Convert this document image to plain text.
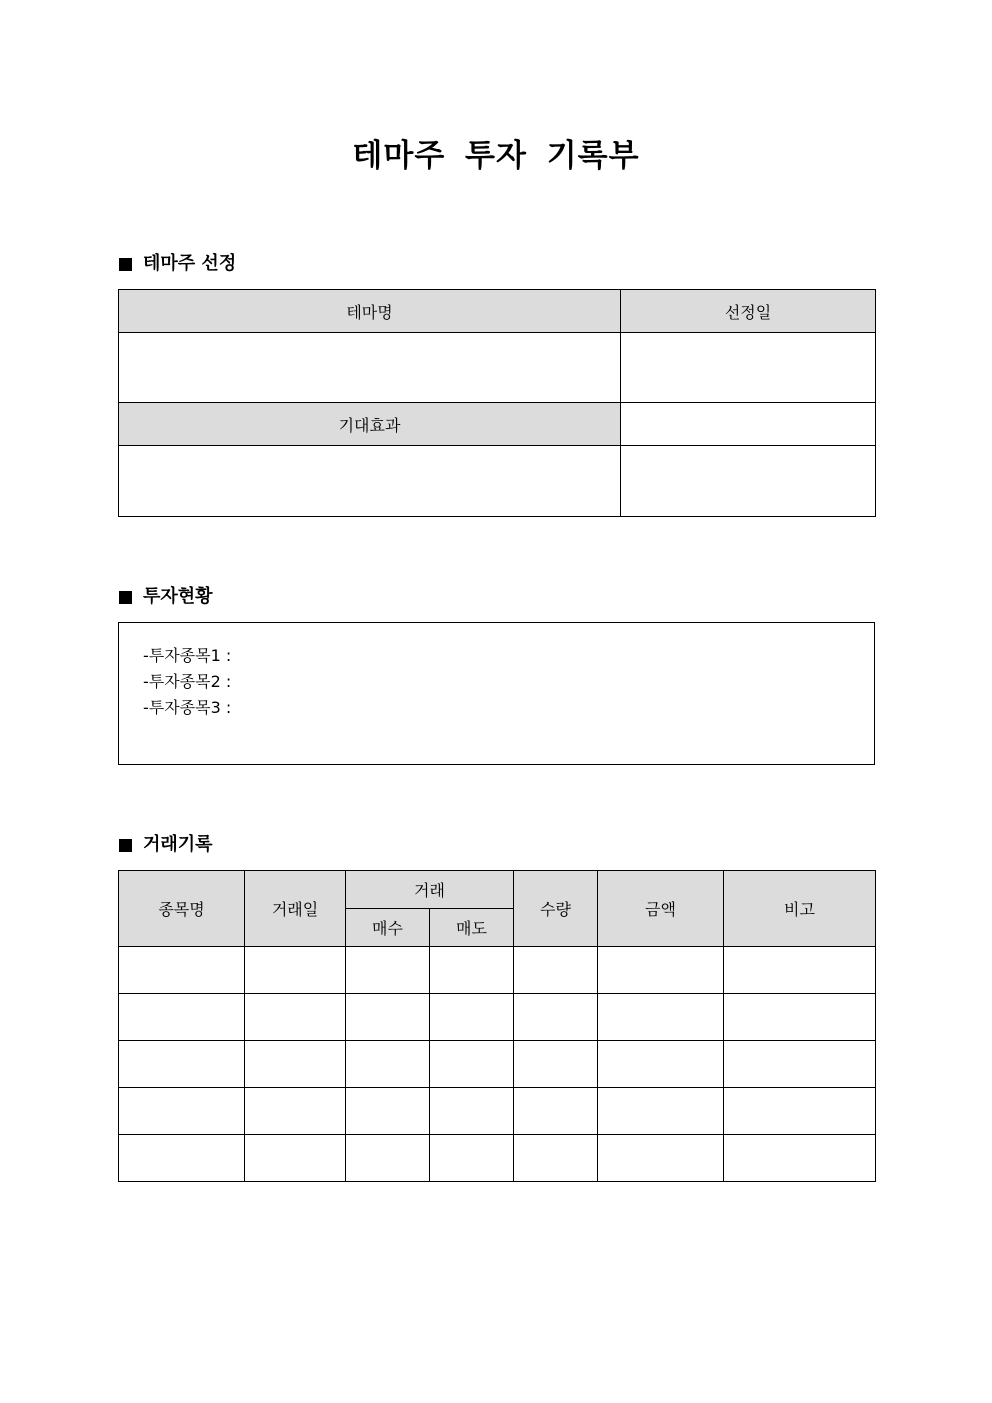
테마주 투자 기록부
테마주 선정
테마명	선정일

기대효과	

투자현황
-투자종목1 :
-투자종목2 :
-투자종목3 :
거래기록
종목명	거래일	거래		수량	금액	비고
		매수	매도			
